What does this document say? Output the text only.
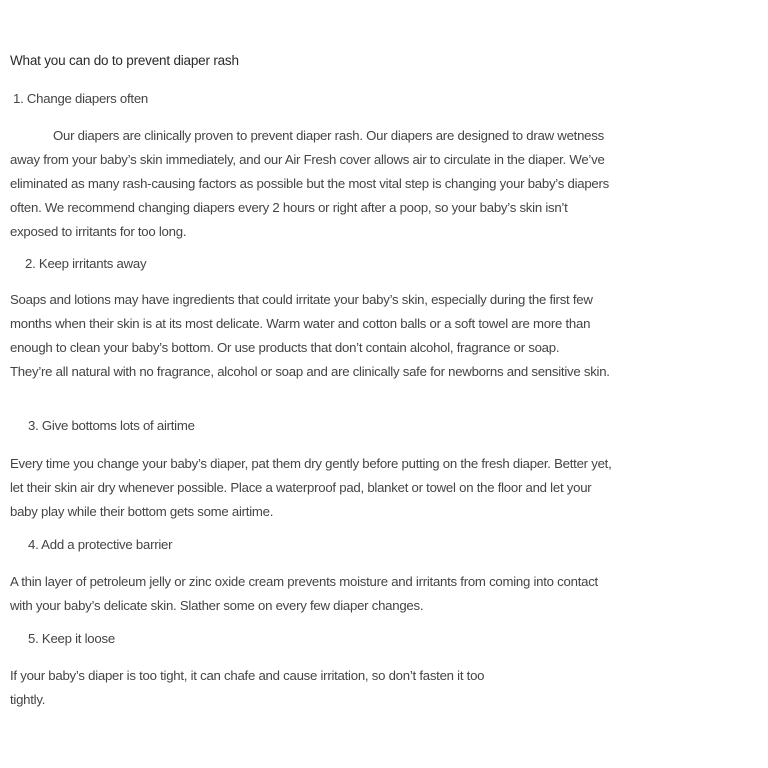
What you can do to prevent diaper rash
1. Change diapers often
Our diapers are clinically proven to prevent diaper rash. Our diapers are designed to draw wetness
away from your baby’s skin immediately, and our Air Fresh cover allows air to circulate in the diaper. We’ve
eliminated as many rash-causing factors as possible but the most vital step is changing your baby’s diapers
often. We recommend changing diapers every 2 hours or right after a poop, so your baby’s skin isn’t
exposed to irritants for too long.
2. Keep irritants away
Soaps and lotions may have ingredients that could irritate your baby’s skin, especially during the first few
months when their skin is at its most delicate. Warm water and cotton balls or a soft towel are more than
enough to clean your baby’s bottom. Or use products that don’t contain alcohol, fragrance or soap.
They’re all natural with no fragrance, alcohol or soap and are clinically safe for newborns and sensitive skin.
3. Give bottoms lots of airtime
Every time you change your baby’s diaper, pat them dry gently before putting on the fresh diaper. Better yet,
let their skin air dry whenever possible. Place a waterproof pad, blanket or towel on the floor and let your
baby play while their bottom gets some airtime.
4. Add a protective barrier
A thin layer of petroleum jelly or zinc oxide cream prevents moisture and irritants from coming into contact
with your baby’s delicate skin. Slather some on every few diaper changes.
5. Keep it loose
If your baby’s diaper is too tight, it can chafe and cause irritation, so don’t fasten it too
tightly.
